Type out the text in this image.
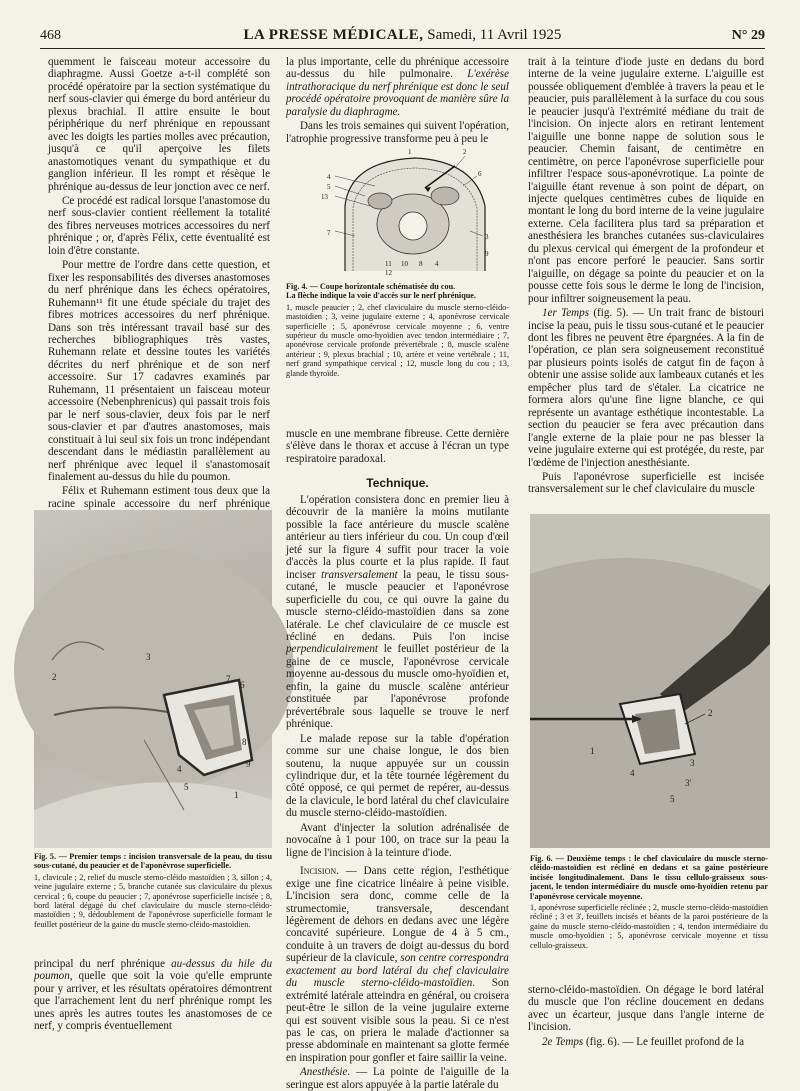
468	LA PRESSE MÉDICALE, Samedi, 11 Avril 1925	N° 29

quemment le faisceau moteur accessoire du diaphragme. Aussi Goetze a-t-il complété son procédé opératoire par la section systématique du nerf sous-clavier qui émerge du bord antérieur du plexus brachial. Il attire ensuite le bout périphérique du nerf phrénique en repoussant avec les doigts les parties molles avec précaution, jusqu'à ce qu'il aperçoive les filets anastomotiques venant du sympathique et du ganglion inférieur. Il les rompt et résèque le phrénique au-dessus de leur jonction avec ce nerf.

Ce procédé est radical lorsque l'anastomose du nerf sous-clavier contient réellement la totalité des fibres nerveuses motrices accessoires du nerf phrénique ; or, d'après Félix, cette éventualité est loin d'être constante.

Pour mettre de l'ordre dans cette question, et fixer les responsabilités des diverses anastomoses du nerf phrénique dans les échecs opératoires, Ruhemann¹¹ fit une étude spéciale du trajet des fibres motrices accessoires du nerf phrénique. Dans son très intéressant travail basé sur des recherches bibliographiques très vastes, Ruhemann relate et dessine toutes les variétés décrites du nerf phrénique et de son nerf accessoire. Sur 17 cadavres examinés par Ruhemann, 11 présentaient un faisceau moteur accessoire (Nebenphrenicus) qui passait trois fois par le nerf sous-clavier, deux fois par le nerf sous-clavier et par d'autres anastomoses, mais constituait à lui seul six fois un tronc indépendant descendant dans le médiastin parallèlement au nerf phrénique avec lequel il s'anastomosait finalement au-dessus du hile du poumon.

Félix et Ruhemann estiment tous deux que la racine spinale accessoire du nerf phrénique

2
3
7
6
8
9
4
5
1
Fig. 5. — Premier temps : incision transversale de la peau, du tissu sous-cutané, du peaucier et de l'aponévrose superficielle.
1, clavicule ; 2, relief du muscle sterno-cléido mastoïdien ; 3, sillon ; 4, veine jugulaire externe ; 5, branche cutanée sus claviculaire du plexus cervical ; 6, coupe du peaucier ; 7, aponévrose superficielle incisée ; 8, bord latéral dégagé du chef claviculaire du muscle sterno-cléido-mastoïdien ; 9, dédoublement de l'aponévrose superficielle formant le feuillet postérieur de la gaine du muscle sterno-cléido-mastoïdien.

principal du nerf phrénique au-dessus du hile du poumon, quelle que soit la voie qu'elle emprunte pour y arriver, et les résultats opératoires démontrent que l'arrachement lent du nerf phrénique rompt les unes après les autres toutes les anastomoses de ce nerf, y compris éventuellement

la plus importante, celle du phrénique accessoire au-dessus du hile pulmonaire. L'exérèse intrathoracique du nerf phrénique est donc le seul procédé opératoire provoquant de manière sûre la paralysie du diaphragme.

Dans les trois semaines qui suivent l'opération, l'atrophie progressive transforme peu à peu le

4
5
13
7
1	2
6
3
9
11 10 8 4
12
Fig. 4. — Coupe horizontale schématisée du cou.
La flèche indique la voie d'accès sur le nerf phrénique.
1, muscle peaucier ; 2, chef claviculaire du muscle sterno-cléido-mastoïdien ; 3, veine jugulaire externe ; 4, aponévrose cervicale superficielle ; 5, aponévrose cervicale moyenne ; 6, ventre supérieur du muscle omo-hyoïdien avec tendon intermédiaire ; 7, aponévrose cervicale profonde prévertébrale ; 8, muscle scalène antérieur ; 9, plexus brachial ; 10, artère et veine vertébrale ; 11, nerf grand sympathique cervical ; 12, muscle long du cou ; 13, glande thyroïde.

muscle en une membrane fibreuse. Cette dernière s'élève dans le thorax et accuse à l'écran un type respiratoire paradoxal.

Technique.

L'opération consistera donc en premier lieu à découvrir de la manière la moins mutilante possible la face antérieure du muscle scalène antérieur au tiers inférieur du cou. Un coup d'œil jeté sur la figure 4 suffit pour tracer la voie d'accès la plus courte et la plus rapide. Il faut inciser transversalement la peau, le tissu sous-cutané, le muscle peaucier et l'aponévrose superficielle du cou, ce qui ouvre la gaine du muscle sterno-cléido-mastoïdien dans sa zone latérale. Le chef claviculaire de ce muscle est récliné en dedans. Puis l'on incise perpendiculairement le feuillet postérieur de la gaine de ce muscle, l'aponévrose cervicale moyenne au-dessous du muscle omo-hyoïdien et, enfin, la gaine du muscle scalène antérieur constituée par l'aponévrose profonde prévertébrale sous laquelle se trouve le nerf phrénique.

Le malade repose sur la table d'opération comme sur une chaise longue, le dos bien soutenu, la nuque appuyée sur un coussin cylindrique dur, et la tête tournée légèrement du côté opposé, ce qui permet de repérer, au-dessus de la clavicule, le bord latéral du chef claviculaire du muscle sterno-cléido-mastoïdien.

Avant d'injecter la solution adrénalisée de novocaïne à 1 pour 100, on trace sur la peau la ligne de l'incision à la teinture d'iode.

Incision. — Dans cette région, l'esthétique exige une fine cicatrice linéaire à peine visible. L'incision sera donc, comme celle de la strumectomie, transversale, descendant légèrement de dehors en dedans avec une légère concavité supérieure. Longue de 4 à 5 cm., conduite à un travers de doigt au-dessus du bord supérieur de la clavicule, son centre correspondra exactement au bord latéral du chef claviculaire du muscle sterno-cléido-mastoïdien. Son extrémité latérale atteindra en général, ou croisera peut-être le sillon de la veine jugulaire externe qui est souvent visible sous la peau. Si ce n'est pas le cas, on priera le malade d'actionner sa presse abdominale en maintenant sa glotte fermée en inspiration pour gonfler et faire saillir la veine.

Anesthésie. — La pointe de l'aiguille de la seringue est alors appuyée à la partie latérale du

trait à la teinture d'iode juste en dedans du bord interne de la veine jugulaire externe. L'aiguille est poussée obliquement d'emblée à travers la peau et le peaucier, puis parallèlement à la surface du cou sous le peaucier jusqu'à l'extrémité médiane du trait de l'incision. On injecte alors en retirant lentement l'aiguille une bonne nappe de solution sous le peaucier. Chemin faisant, de centimètre en centimètre, on perce l'aponévrose superficielle pour infiltrer l'espace sous-aponévrotique. La pointe de l'aiguille étant revenue à son point de départ, on injecte quelques centimètres cubes de liquide en montant le long du bord interne de la veine jugulaire externe. Cela facilitera plus tard sa préparation et anesthésiera les branches cutanées sus-claviculaires du plexus cervical qui émergent de la profondeur et n'ont pas encore perforé le peaucier. Sans sortir l'aiguille, on dégage sa pointe du peaucier et on la pousse cette fois sous le derme le long de l'incision, pour infiltrer soigneusement la peau.

1er Temps (fig. 5). — Un trait franc de bistouri incise la peau, puis le tissu sous-cutané et le peaucier dont les fibres ne peuvent être épargnées. A la fin de l'opération, ce plan sera soigneusement reconstitué par plusieurs points isolés de catgut fin de façon à obtenir une assise solide aux lambeaux cutanés et les empêcher plus tard de s'étaler. La cicatrice ne formera alors qu'une fine ligne blanche, ce qui représente un avantage esthétique incontestable. La section du peaucier se fera avec précaution dans l'angle externe de la plaie pour ne pas blesser la veine jugulaire externe qui est protégée, du reste, par l'œdème de l'injection anesthésiante.

Puis l'aponévrose superficielle est incisée transversalement sur le chef claviculaire du muscle

2
1
4
3
3'
5
Fig. 6. — Deuxième temps : le chef claviculaire du muscle sterno-cléido-mastoïdien est récliné en dedans et sa gaine postérieure incisée longitudinalement. Dans le tissu cellulo-graisseux sous-jacent, le tendon intermédiaire du muscle omo-hyoïdien retenu par l'aponévrose cervicale moyenne.
1, aponévrose superficielle réclinée ; 2, muscle sterno-cléido-mastoïdien récliné ; 3 et 3', feuillets incisés et béants de la paroi postérieure de la gaine du muscle sterno-cléido-mastoïdien ; 4, tendon intermédiaire du muscle omo-hyoïdien ; 5, aponévrose cervicale moyenne et tissu cellulo-graisseux.

sterno-cléido-mastoïdien. On dégage le bord latéral du muscle que l'on récline doucement en dedans avec un écarteur, jusque dans l'angle interne de l'incision.

2e Temps (fig. 6). — Le feuillet profond de la
